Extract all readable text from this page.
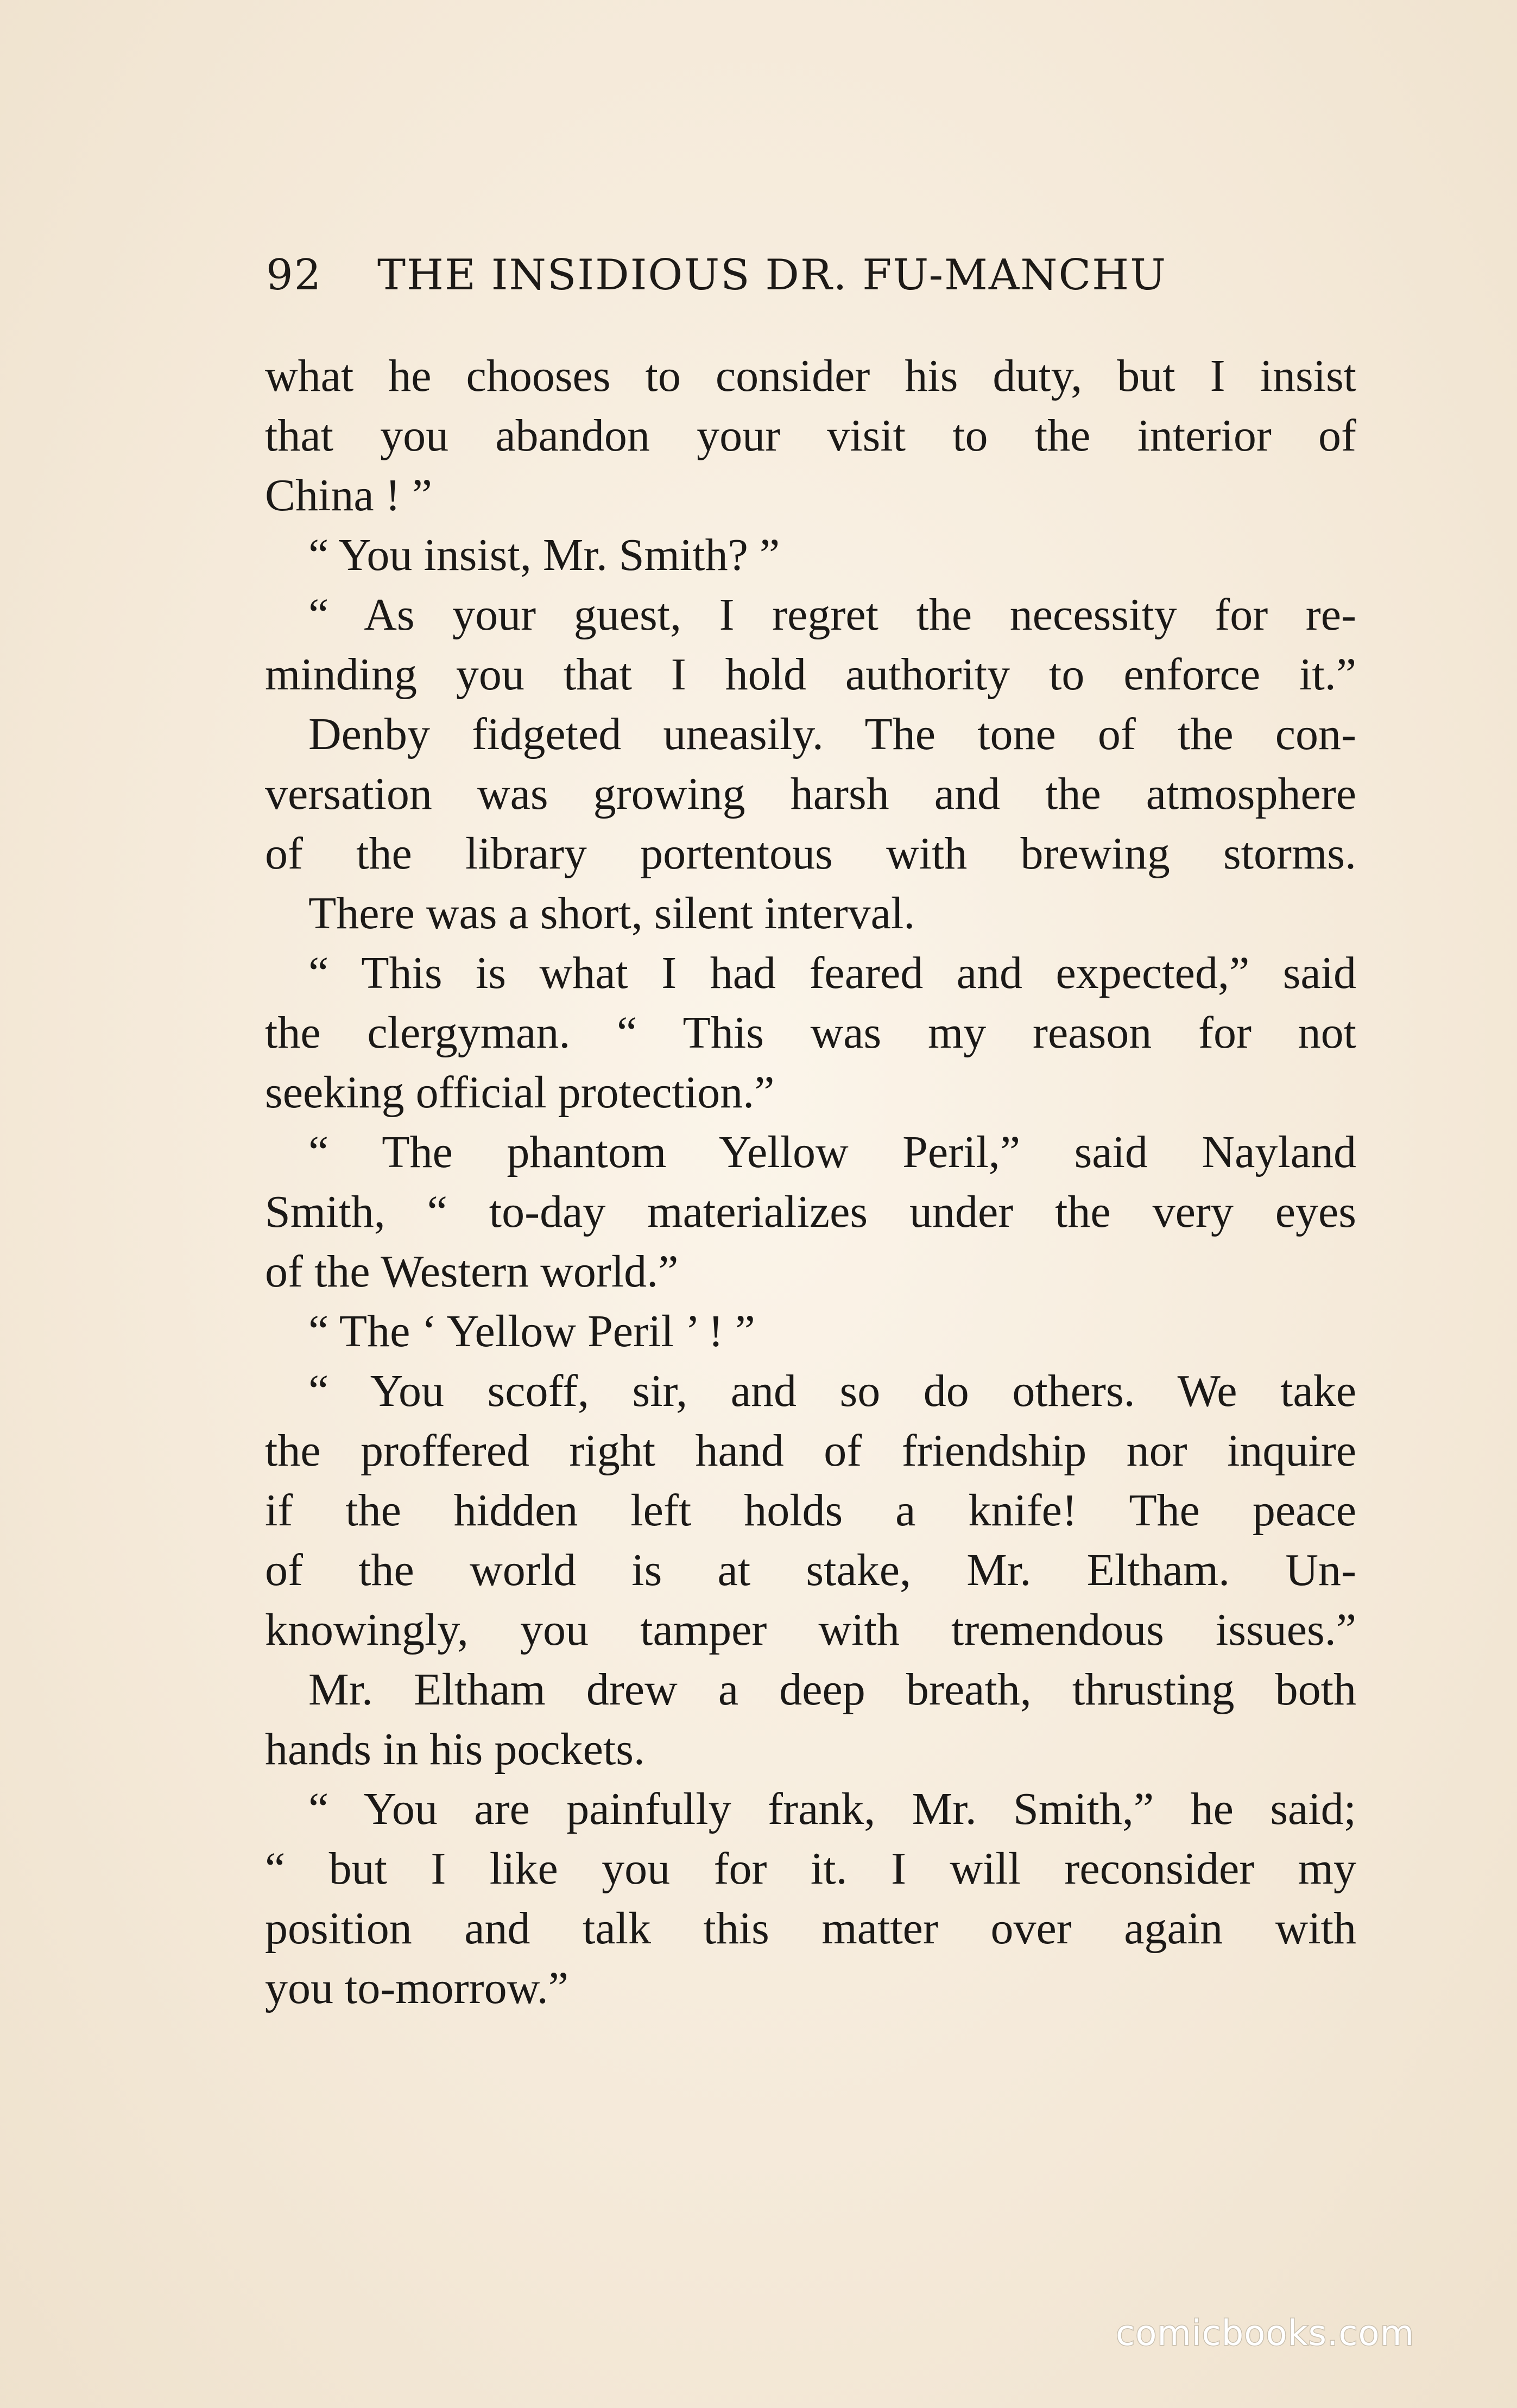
92 THE INSIDIOUS DR. FU-MANCHU
what he chooses to consider his duty, but I insist
that you abandon your visit to the interior of
China ! ”
“ You insist, Mr. Smith? ”
“ As your guest, I regret the necessity for re-
minding you that I hold authority to enforce it.”
Denby fidgeted uneasily. The tone of the con-
versation was growing harsh and the atmosphere
of the library portentous with brewing storms.
There was a short, silent interval.
“ This is what I had feared and expected,” said
the clergyman. “ This was my reason for not
seeking official protection.”
“ The phantom Yellow Peril,” said Nayland
Smith, “ to-day materializes under the very eyes
of the Western world.”
“ The ‘ Yellow Peril ’ ! ”
“ You scoff, sir, and so do others. We take
the proffered right hand of friendship nor inquire
if the hidden left holds a knife! The peace
of the world is at stake, Mr. Eltham. Un-
knowingly, you tamper with tremendous issues.”
Mr. Eltham drew a deep breath, thrusting both
hands in his pockets.
“ You are painfully frank, Mr. Smith,” he said;
“ but I like you for it. I will reconsider my
position and talk this matter over again with
you to-morrow.”
comicbooks.com
